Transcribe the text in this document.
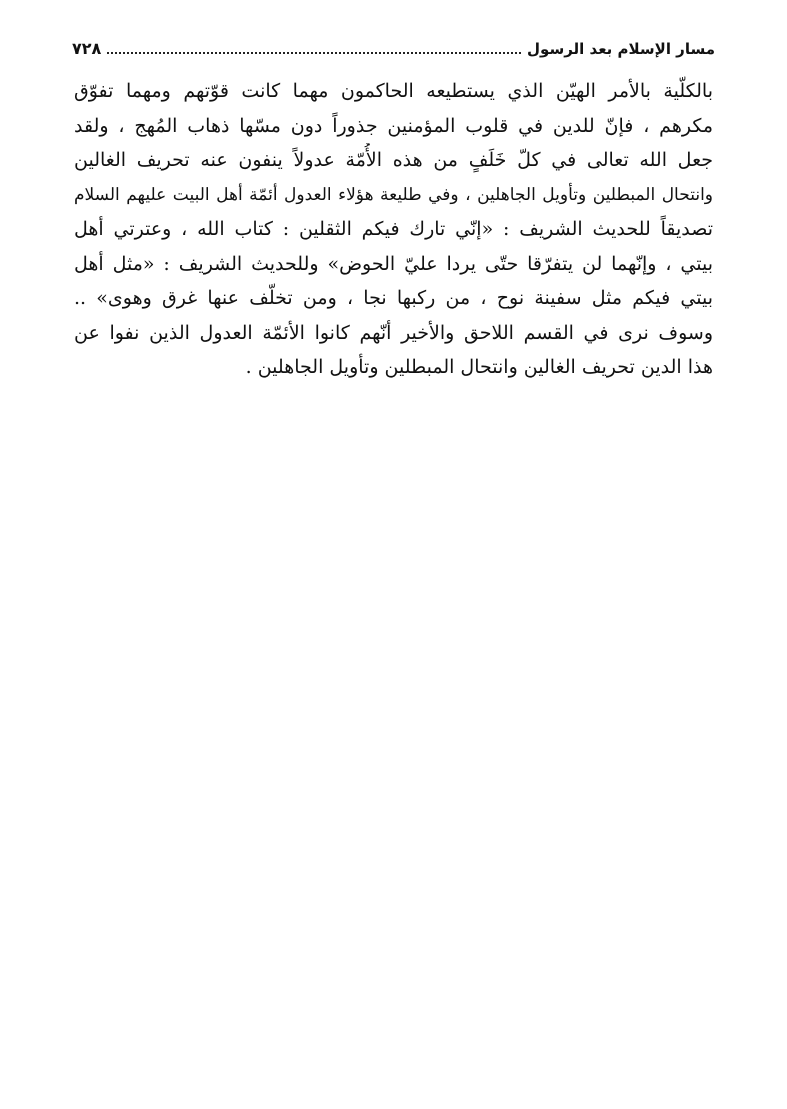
مسار الإسلام بعد الرسول
٧٢٨
بالكلّية بالأمر الهيّن الذي يستطيعه الحاكمون مهما كانت قوّتهم ومهما تفوّق
مكرهم ، فإنّ للدين في قلوب المؤمنين جذوراً دون مسّها ذهاب المُهج ، ولقد
جعل الله تعالى في كلّ خَلَفٍ من هذه الأُمّة عدولاً ينفون عنه تحريف الغالين
وانتحال المبطلين وتأويل الجاهلين ، وفي طليعة هؤلاء العدول أئمّة أهل البيت عليهم السلام
تصديقاً للحديث الشريف : «إنّي تارك فيكم الثقلين : كتاب الله ، وعترتي أهل
بيتي ، وإنّهما لن يتفرّقا حتّى يردا عليّ الحوض» وللحديث الشريف : «مثل أهل
بيتي فيكم مثل سفينة نوح ، من ركبها نجا ، ومن تخلّف عنها غرق وهوى» ..
وسوف نرى في القسم اللاحق والأخير أنّهم كانوا الأئمّة العدول الذين نفوا عن
هذا الدين تحريف الغالين وانتحال المبطلين وتأويل الجاهلين .
